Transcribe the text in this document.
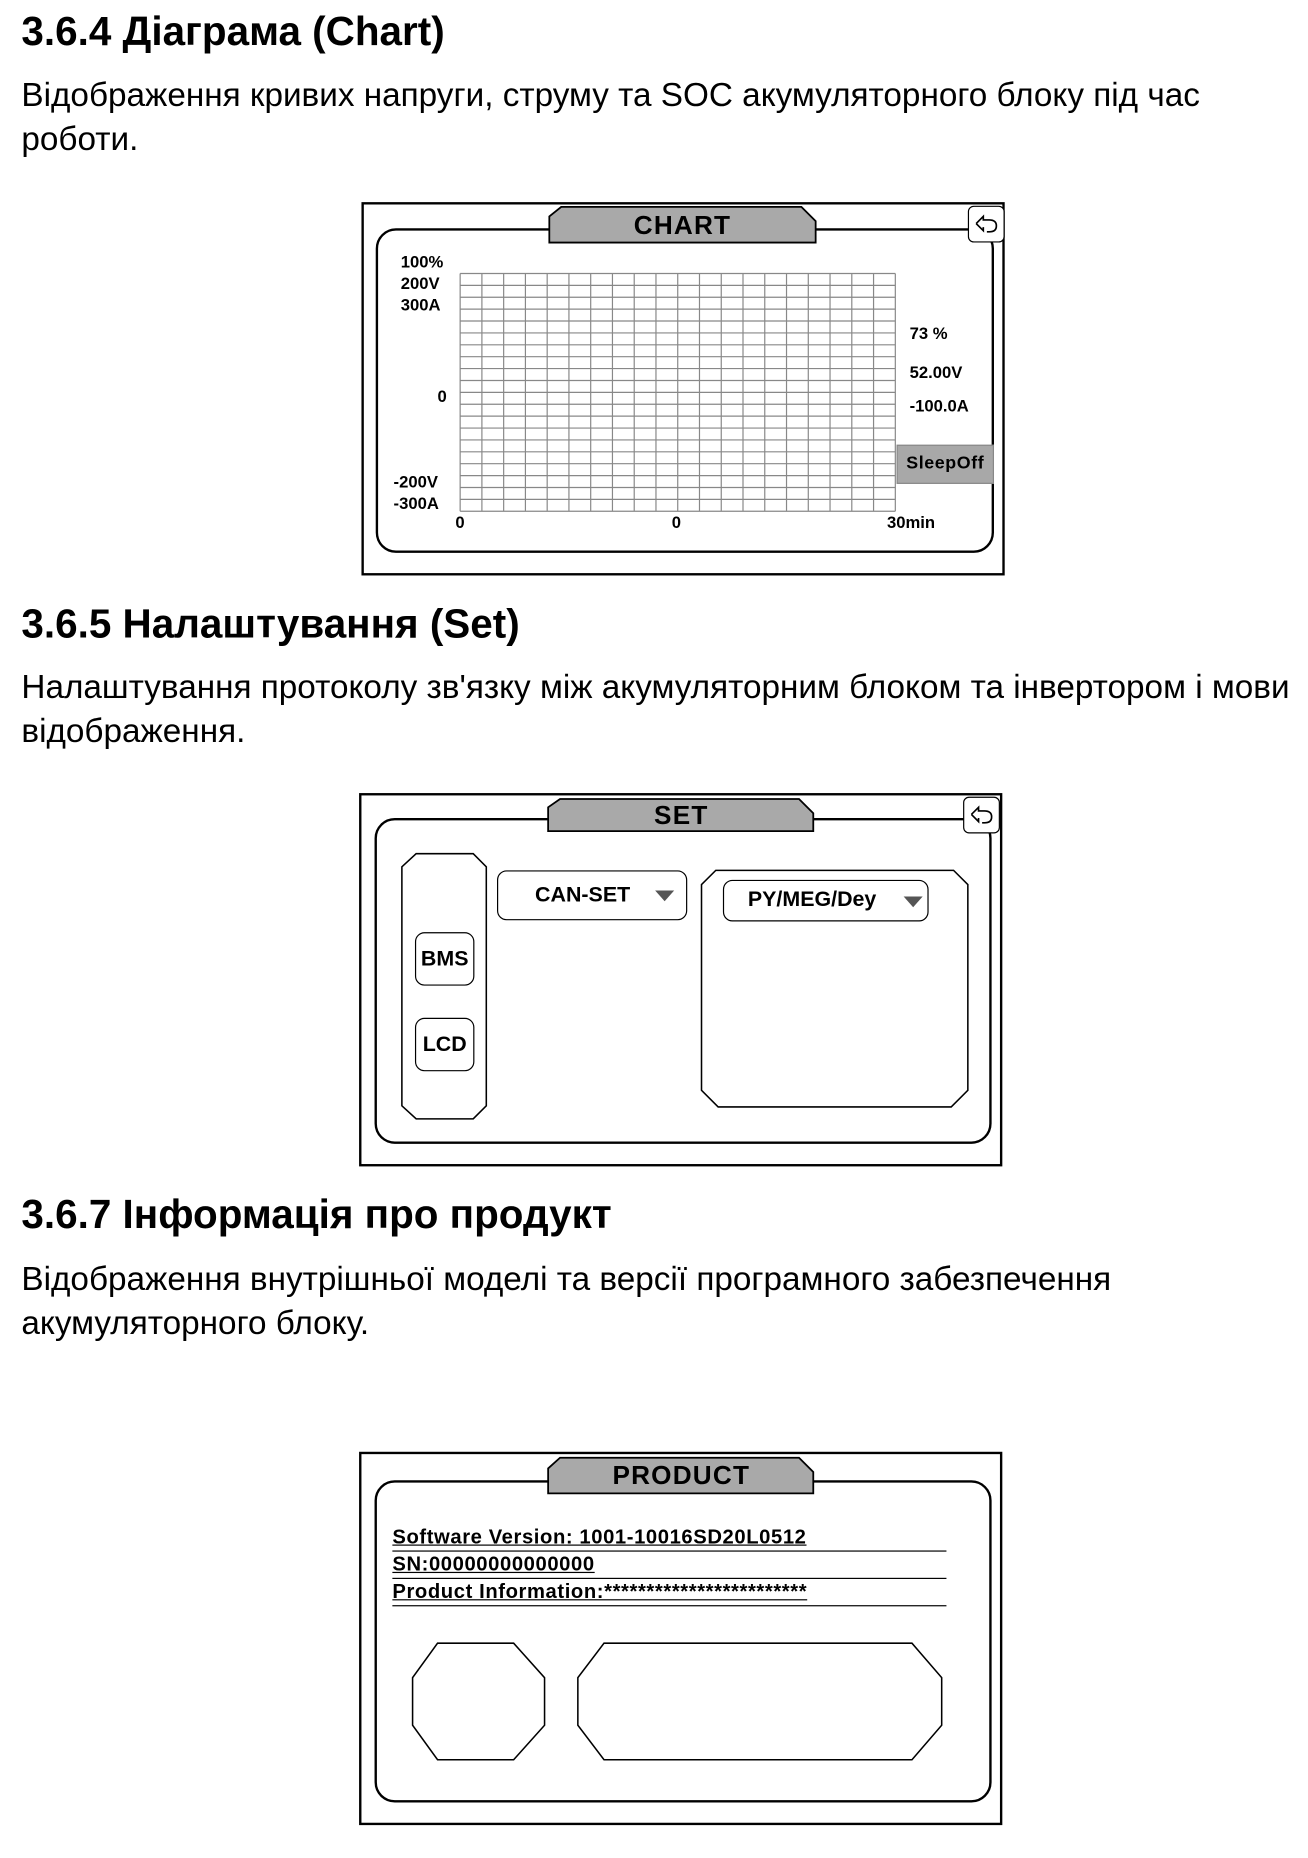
3.6.4 Діаграма (Chart)

Відображення кривих напруги, струму та SOC акумуляторного блоку під час роботи.

CHART
100%
200V
300A
0
-200V
-300A
0	0	30min
73 %
52.00V
-100.0A
SleepOff
3.6.5 Налаштування (Set)

Налаштування протоколу зв'язку між акумуляторним блоком та інвертором і мови відображення.

SET
BMS
LCD
CAN-SET	PY/MEG/Dey
3.6.7 Інформація про продукт

Відображення внутрішньої моделі та версії програмного забезпечення акумуляторного блоку.

PRODUCT
Software Version: 1001-10016SD20L0512
SN:00000000000000
Product Information:************************
